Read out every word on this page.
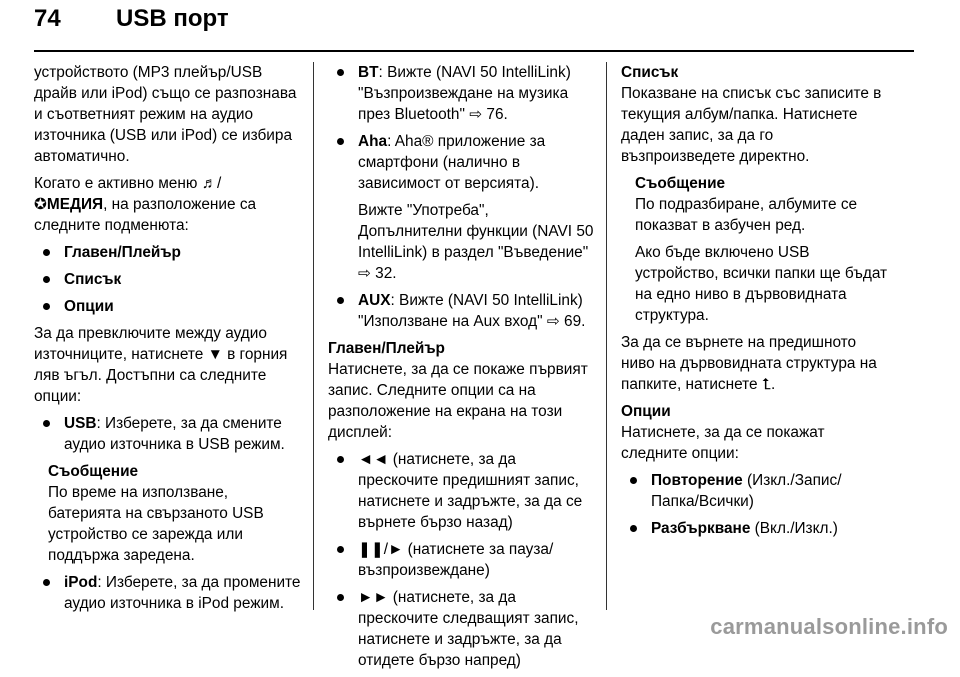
74 USB порт

устройството (MP3 плейър/USB драйв или iPod) също се разпознава и съответният режим на аудио източника (USB или iPod) се избира автоматично.

Когато е активно меню ♬/
✪МЕДИЯ, на разположение са следните подменюта:

Главен/Плейър
Списък
Опции

За да превключите между аудио източниците, натиснете ▼ в горния ляв ъгъл. Достъпни са следните опции:

USB: Изберете, за да смените аудио източника в USB режим.
Съобщение
По време на използване, батерията на свързаното USB устройство се зарежда или поддържа заредена.
iPod: Изберете, за да промените аудио източника в iPod режим.
BT: Вижте (NAVI 50 IntelliLink) "Възпроизвеждане на музика през Bluetooth" ⇨ 76.
Aha: Aha® приложение за смартфони (налично в зависимост от версията).

Вижте "Употреба", Допълнителни функции (NAVI 50 IntelliLink) в раздел "Въведение" ⇨ 32.

AUX: Вижте (NAVI 50 IntelliLink) "Използване на Aux вход" ⇨ 69.
Главен/Плейър

Натиснете, за да се покаже първият запис. Следните опции са на разположение на екрана на този дисплей:

◄◄ (натиснете, за да прескочите предишният запис, натиснете и задръжте, за да се върнете бързо назад)
❚❚/► (натиснете за пауза/ възпроизвеждане)
►► (натиснете, за да прескочите следващият запис, натиснете и задръжте, за да отидете бързо напред)
Списък

Показване на списък със записите в текущия албум/папка. Натиснете даден запис, за да го възпроизведете директно.

Съобщение

По подразбиране, албумите се показват в азбучен ред.

Ако бъде включено USB устройство, всички папки ще бъдат на едно ниво в дървовидната структура.

За да се върнете на предишното ниво на дървовидната структура на папките, натиснете ⮤.

Опции

Натиснете, за да се покажат следните опции:

Повторение (Изкл./Запис/ Папка/Всички)
Разбъркване (Вкл./Изкл.)
carmanualsonline.info
